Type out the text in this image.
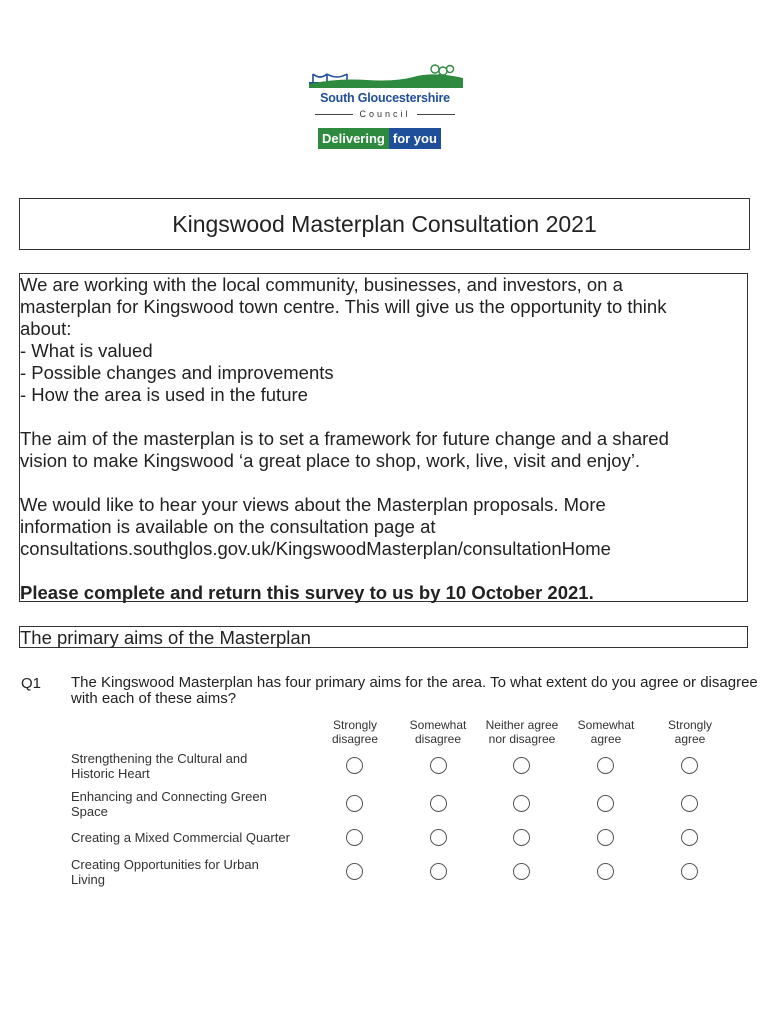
South Gloucestershire
Council
Delivering for you
Kingswood Masterplan Consultation 2021

We are working with the local community, businesses, and investors, on a

masterplan for Kingswood town centre. This will give us the opportunity to think

about:

- What is valued

- Possible changes and improvements

- How the area is used in the future

The aim of the masterplan is to set a framework for future change and a shared

vision to make Kingswood ‘a great place to shop, work, live, visit and enjoy’.

We would like to hear your views about the Masterplan proposals. More

information is available on the consultation page at

consultations.southglos.gov.uk/KingswoodMasterplan/consultationHome

Please complete and return this survey to us by 10 October 2021.

The primary aims of the Masterplan
Q1 The Kingswood Masterplan has four primary aims for the area. To what extent do you agree or disagree with each of these aims?
Strongly
disagree
Somewhat
disagree
Neither agree
nor disagree
Somewhat
agree
Strongly
agree
Strengthening the Cultural and
Historic Heart
Enhancing and Connecting Green
Space
Creating a Mixed Commercial Quarter
Creating Opportunities for Urban
Living
